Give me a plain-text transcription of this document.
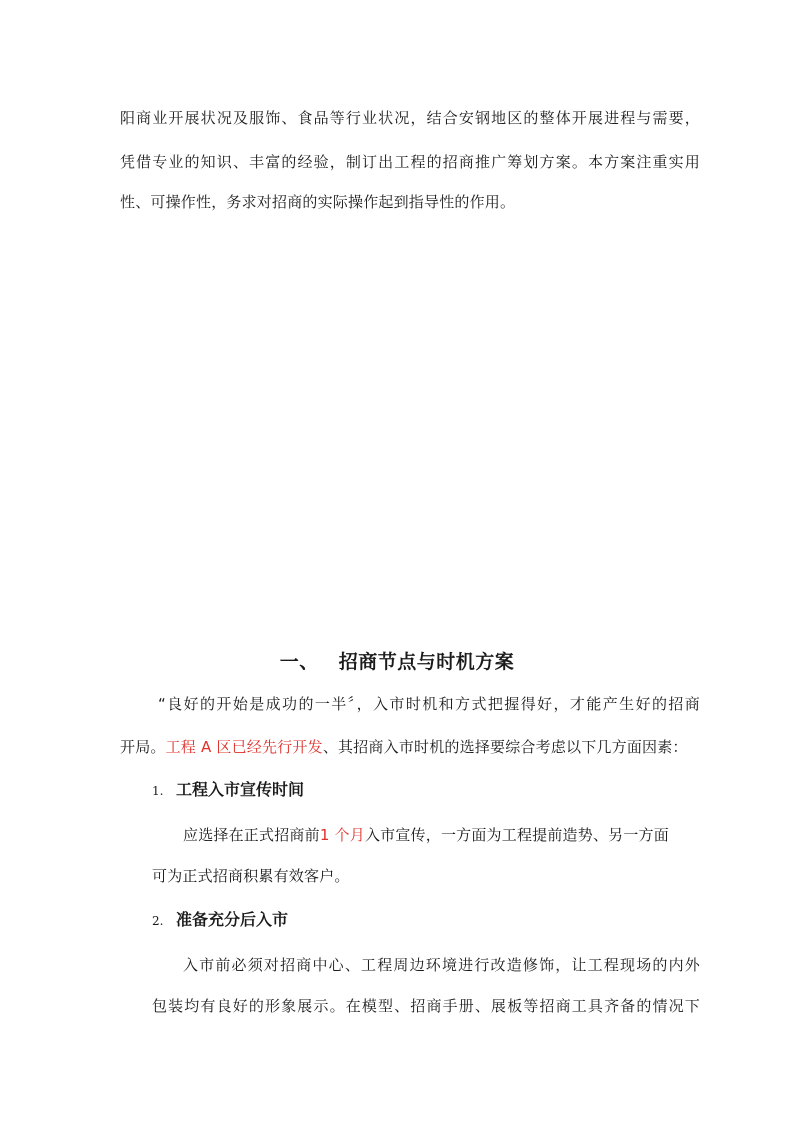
阳商业开展状况及服饰、食品等行业状况，结合安钢地区的整体开展进程与需要，
凭借专业的知识、丰富的经验，制订出工程的招商推广筹划方案。本方案注重实用
性、可操作性，务求对招商的实际操作起到指导性的作用。
一、 招商节点与时机方案
“良好的开始是成功的一半〞，入市时机和方式把握得好，才能产生好的招商
开局。工程 A 区已经先行开发、其招商入市时机的选择要综合考虑以下几方面因素：
1. 工程入市宣传时间
应选择在正式招商前1 个月入市宣传，一方面为工程提前造势、另一方面
可为正式招商积累有效客户。
2. 准备充分后入市
入市前必须对招商中心、工程周边环境进行改造修饰，让工程现场的内外
包装均有良好的形象展示。在模型、招商手册、展板等招商工具齐备的情况下
